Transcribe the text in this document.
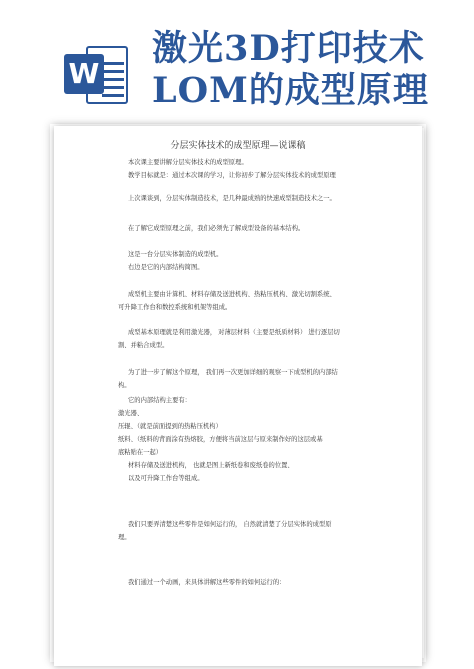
W
激光3D打印技术
LOM的成型原理
分层实体技术的成型原理—说课稿
本次课主要讲解分层实体技术的成型原理。
教学目标就是：通过本次课的学习，让你初步了解分层实体技术的成型原理
上次课谈到，分层实体制造技术，是几种最成熟的快速成型制造技术之一。
在了解它成型原理之前，我们必须先了解成型设备的基本结构。
这是一台分层实体制造的成型机。
右边是它的内部结构简图。
成型机主要由计算机、材料存储及送进机构、热粘压机构、激光切割系统、
可升降工作台和数控系统和机架等组成。
成型基本原理就是利用激光器， 对薄层材料（主要是纸质材料） 进行逐层切
割、并粘合成型。
为了进一步了解这个原理， 我们再一次更加详细的观察一下成型机的内部结
构。
它的内部结构主要有：
激光器、
压辊、（就是前面提到的热粘压机构）
纸料、（纸料的背面涂有热熔胶，方便将当前这层与原来制作好的这层或基
底粘贴在一起）
材料存储及送进机构， 也就是图上新纸卷和废纸卷的位置、
以及可升降工作台等组成。
我们只要弄清楚这些零件是如何运行的， 自然就清楚了分层实体的成型原
理。
我们通过一个动画，来具体讲解这些零件的如何运行的：
